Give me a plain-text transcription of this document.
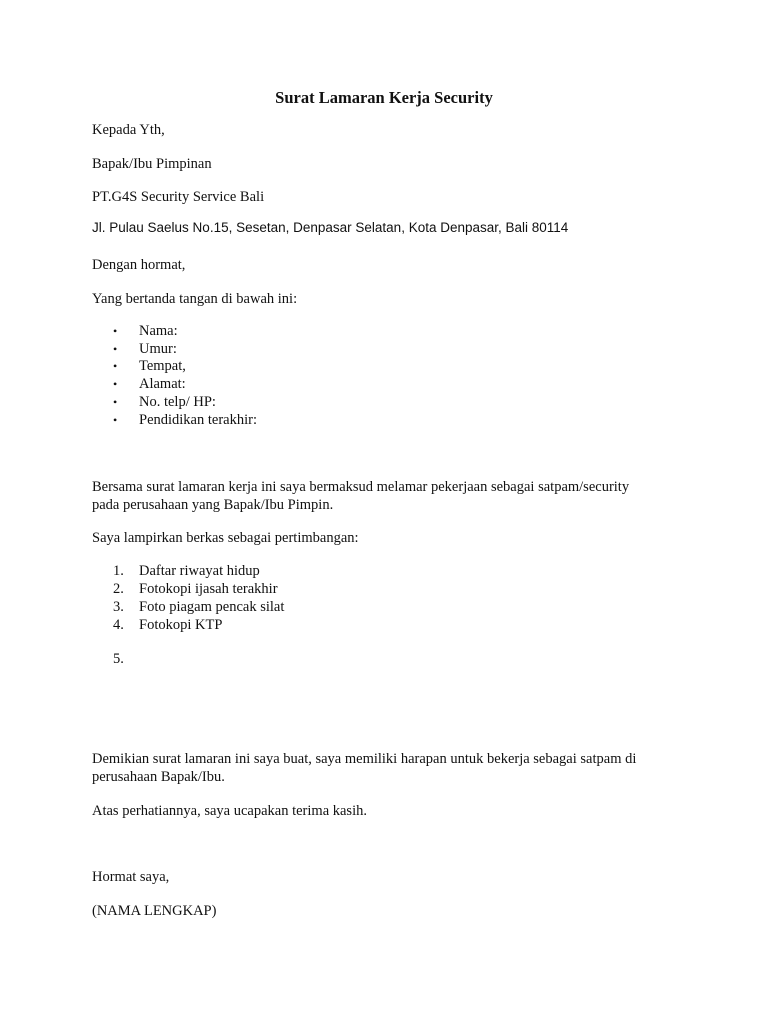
Surat Lamaran Kerja Security
Kepada Yth,
Bapak/Ibu Pimpinan
PT.G4S Security Service Bali
Jl. Pulau Saelus No.15, Sesetan, Denpasar Selatan, Kota Denpasar, Bali 80114
Dengan hormat,
Yang bertanda tangan di bawah ini:
• Nama:
• Umur:
• Tempat,
• Alamat:
• No. telp/ HP:
• Pendidikan terakhir:
Bersama surat lamaran kerja ini saya bermaksud melamar pekerjaan sebagai satpam/security
pada perusahaan yang Bapak/Ibu Pimpin.
Saya lampirkan berkas sebagai pertimbangan:
1. Daftar riwayat hidup
2. Fotokopi ijasah terakhir
3. Foto piagam pencak silat
4. Fotokopi KTP
5.
Demikian surat lamaran ini saya buat, saya memiliki harapan untuk bekerja sebagai satpam di
perusahaan Bapak/Ibu.
Atas perhatiannya, saya ucapakan terima kasih.
Hormat saya,
(NAMA LENGKAP)
